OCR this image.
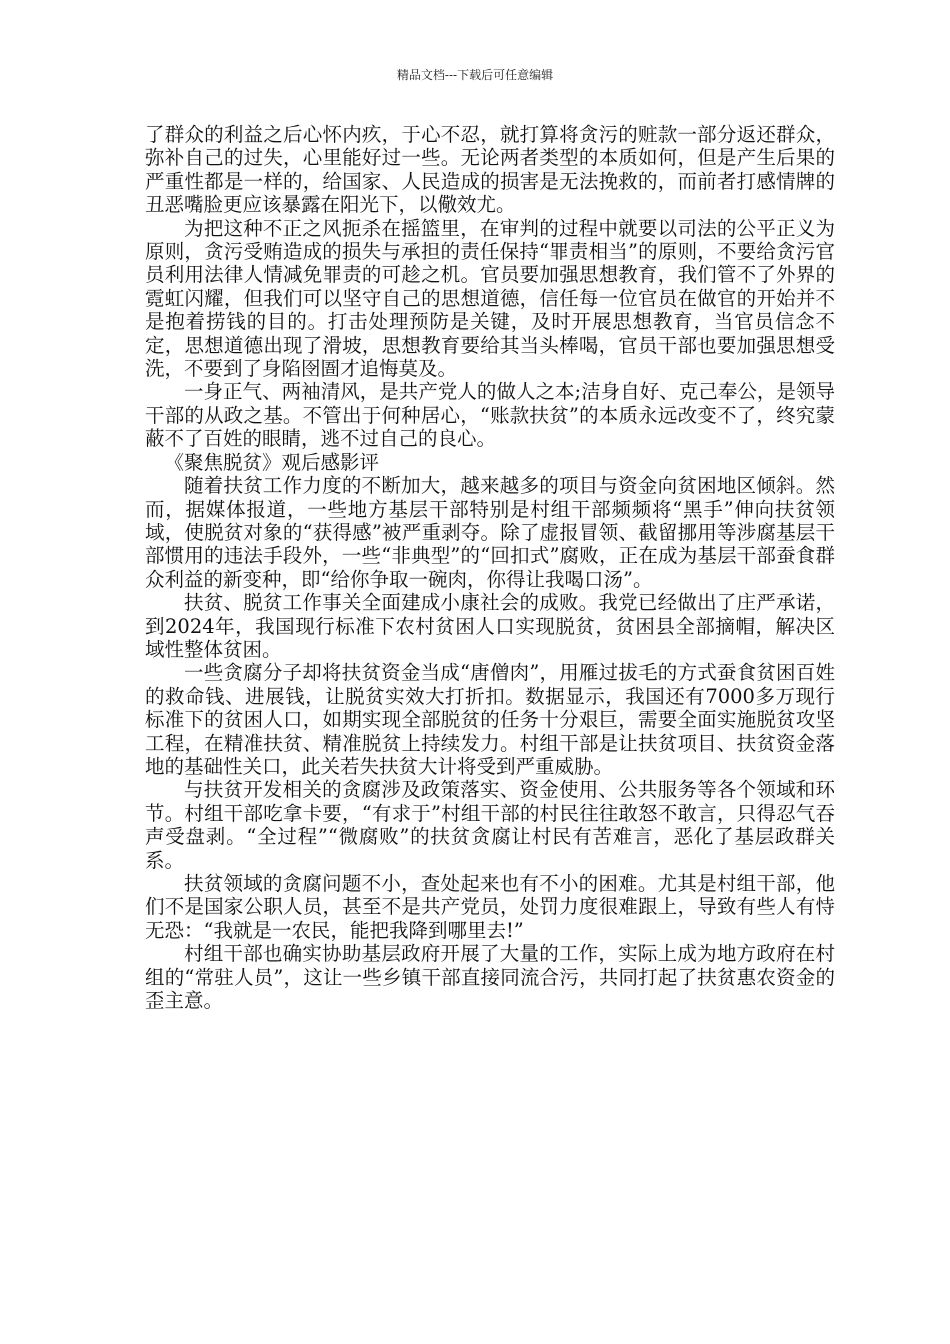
精品文档---下载后可任意编辑

了群众的利益之后心怀内疚，于心不忍，就打算将贪污的赃款一部分返还群众，弥补自己的过失，心里能好过一些。无论两者类型的本质如何，但是产生后果的严重性都是一样的，给国家、人民造成的损害是无法挽救的，而前者打感情牌的丑恶嘴脸更应该暴露在阳光下，以儆效尤。

为把这种不正之风扼杀在摇篮里，在审判的过程中就要以司法的公平正义为原则，贪污受贿造成的损失与承担的责任保持“罪责相当”的原则，不要给贪污官员利用法律人情减免罪责的可趁之机。官员要加强思想教育，我们管不了外界的霓虹闪耀，但我们可以坚守自己的思想道德，信任每一位官员在做官的开始并不是抱着捞钱的目的。打击处理预防是关键，及时开展思想教育，当官员信念不定，思想道德出现了滑坡，思想教育要给其当头棒喝，官员干部也要加强思想受洗，不要到了身陷囹圄才追悔莫及。

一身正气、两袖清风，是共产党人的做人之本;洁身自好、克己奉公，是领导干部的从政之基。不管出于何种居心，“账款扶贫”的本质永远改变不了，终究蒙蔽不了百姓的眼睛，逃不过自己的良心。

《聚焦脱贫》观后感影评

随着扶贫工作力度的不断加大，越来越多的项目与资金向贫困地区倾斜。然而，据媒体报道，一些地方基层干部特别是村组干部频频将“黑手”伸向扶贫领域，使脱贫对象的“获得感”被严重剥夺。除了虚报冒领、截留挪用等涉腐基层干部惯用的违法手段外，一些“非典型”的“回扣式”腐败，正在成为基层干部蚕食群众利益的新变种，即“给你争取一碗肉，你得让我喝口汤”。

扶贫、脱贫工作事关全面建成小康社会的成败。我党已经做出了庄严承诺，到2024年，我国现行标准下农村贫困人口实现脱贫，贫困县全部摘帽，解决区域性整体贫困。

一些贪腐分子却将扶贫资金当成“唐僧肉”，用雁过拔毛的方式蚕食贫困百姓的救命钱、进展钱，让脱贫实效大打折扣。数据显示，我国还有7000多万现行标准下的贫困人口，如期实现全部脱贫的任务十分艰巨，需要全面实施脱贫攻坚工程，在精准扶贫、精准脱贫上持续发力。村组干部是让扶贫项目、扶贫资金落地的基础性关口，此关若失扶贫大计将受到严重威胁。

与扶贫开发相关的贪腐涉及政策落实、资金使用、公共服务等各个领域和环节。村组干部吃拿卡要，“有求于”村组干部的村民往往敢怒不敢言，只得忍气吞声受盘剥。“全过程”“微腐败”的扶贫贪腐让村民有苦难言，恶化了基层政群关系。

扶贫领域的贪腐问题不小，查处起来也有不小的困难。尤其是村组干部，他们不是国家公职人员，甚至不是共产党员，处罚力度很难跟上，导致有些人有恃无恐：“我就是一农民，能把我降到哪里去!”

村组干部也确实协助基层政府开展了大量的工作，实际上成为地方政府在村组的“常驻人员”，这让一些乡镇干部直接同流合污，共同打起了扶贫惠农资金的歪主意。
